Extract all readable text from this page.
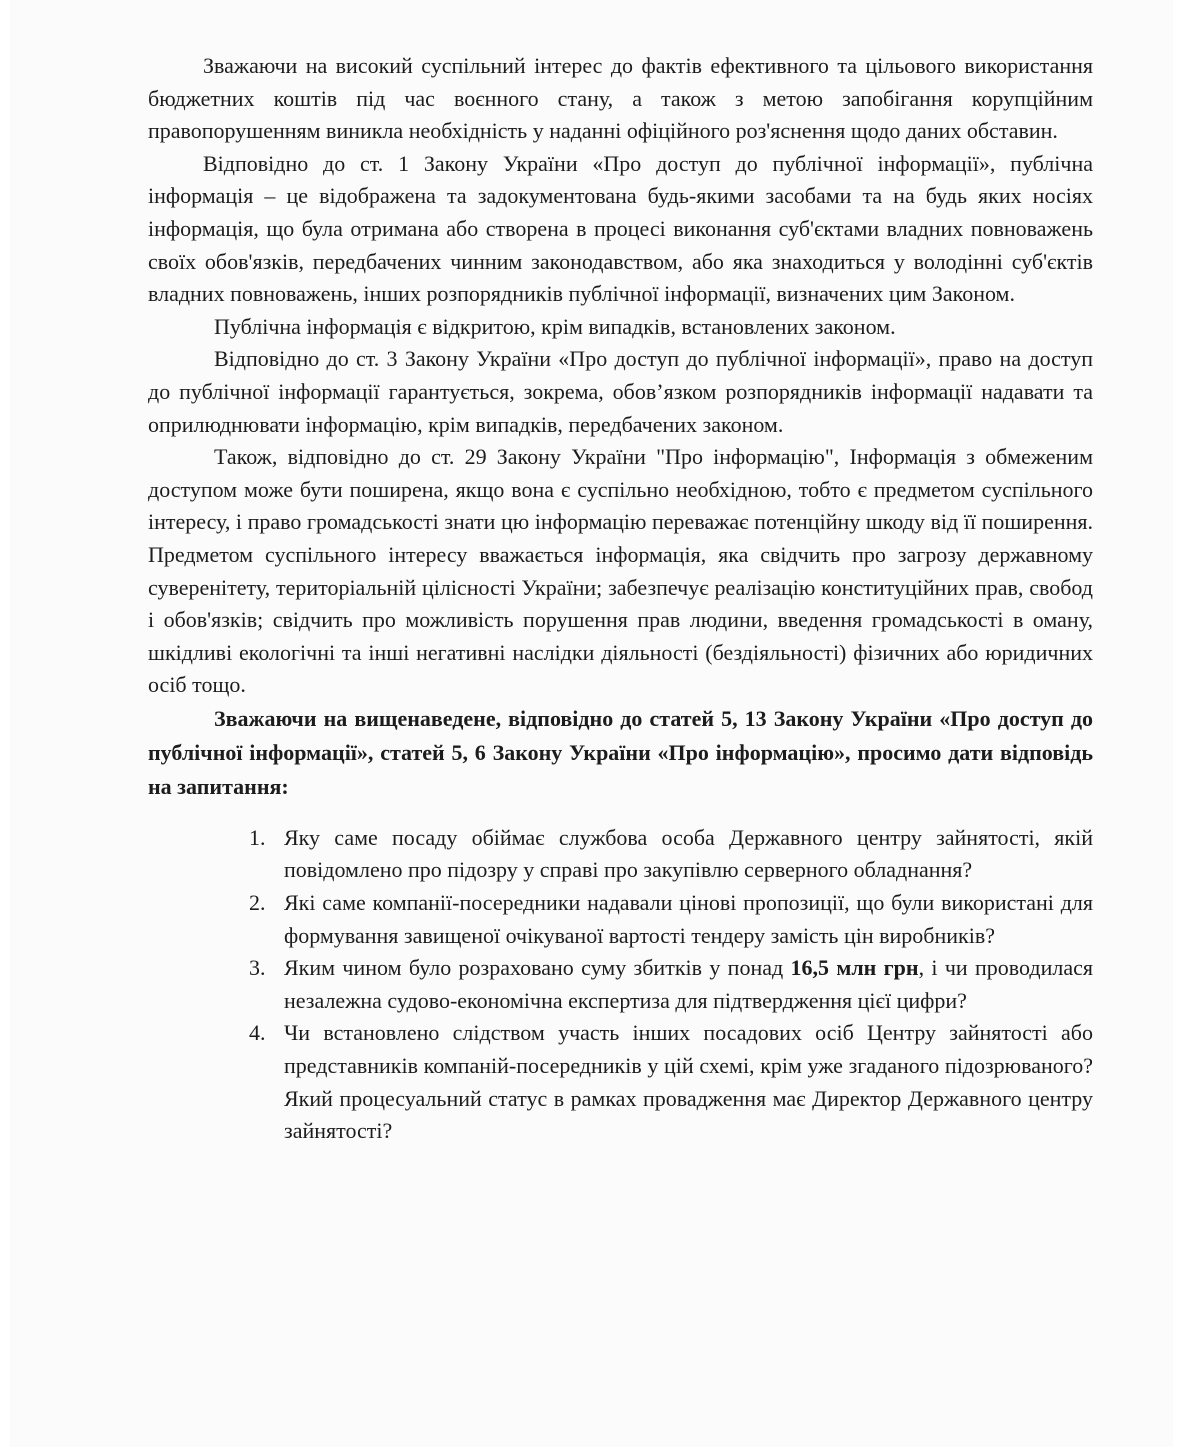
Зважаючи на високий суспільний інтерес до фактів ефективного та цільового використання бюджетних коштів під час воєнного стану, а також з метою запобігання корупційним правопорушенням виникла необхідність у наданні офіційного роз'яснення щодо даних обставин.

Відповідно до ст. 1 Закону України «Про доступ до публічної інформації», публічна інформація – це відображена та задокументована будь-якими засобами та на будь яких носіях інформація, що була отримана або створена в процесі виконання суб'єктами владних повноважень своїх обов'язків, передбачених чинним законодавством, або яка знаходиться у володінні суб'єктів владних повноважень, інших розпорядників публічної інформації, визначених цим Законом.

Публічна інформація є відкритою, крім випадків, встановлених законом.

Відповідно до ст. 3 Закону України «Про доступ до публічної інформації», право на доступ до публічної інформації гарантується, зокрема, обов’язком розпорядників інформації надавати та оприлюднювати інформацію, крім випадків, передбачених законом.

Також, відповідно до ст. 29 Закону України "Про інформацію", Інформація з обмеженим доступом може бути поширена, якщо вона є суспільно необхідною, тобто є предметом суспільного інтересу, і право громадськості знати цю інформацію переважає потенційну шкоду від її поширення. Предметом суспільного інтересу вважається інформація, яка свідчить про загрозу державному суверенітету, територіальній цілісності України; забезпечує реалізацію конституційних прав, свобод і обов'язків; свідчить про можливість порушення прав людини, введення громадськості в оману, шкідливі екологічні та інші негативні наслідки діяльності (бездіяльності) фізичних або юридичних осіб тощо.

Зважаючи на вищенаведене, відповідно до статей 5, 13 Закону України «Про доступ до публічної інформації», статей 5, 6 Закону України «Про інформацію», просимо дати відповідь на запитання:

1. Яку саме посаду обіймає службова особа Державного центру зайнятості, якій повідомлено про підозру у справі про закупівлю серверного обладнання?
2. Які саме компанії-посередники надавали цінові пропозиції, що були використані для формування завищеної очікуваної вартості тендеру замість цін виробників?
3. Яким чином було розраховано суму збитків у понад 16,5 млн грн, і чи проводилася незалежна судово-економічна експертиза для підтвердження цієї цифри?
4. Чи встановлено слідством участь інших посадових осіб Центру зайнятості або представників компаній-посередників у цій схемі, крім уже згаданого підозрюваного? Який процесуальний статус в рамках провадження має Директор Державного центру зайнятості?
